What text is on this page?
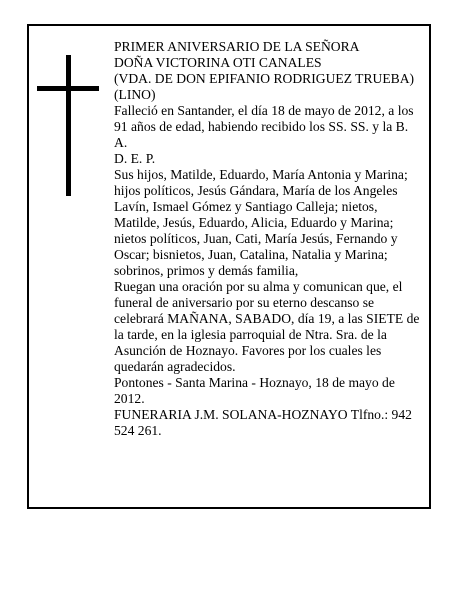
PRIMER ANIVERSARIO DE LA SEÑORA
DOÑA VICTORINA OTI CANALES
(VDA. DE DON EPIFANIO RODRIGUEZ TRUEBA)
(LINO)
Falleció en Santander, el día 18 de mayo de 2012, a los
91 años de edad, habiendo recibido los SS. SS. y la B.
A.
D. E. P.
Sus hijos, Matilde, Eduardo, María Antonia y Marina;
hijos políticos, Jesús Gándara, María de los Angeles
Lavín, Ismael Gómez y Santiago Calleja; nietos,
Matilde, Jesús, Eduardo, Alicia, Eduardo y Marina;
nietos políticos, Juan, Cati, María Jesús, Fernando y
Oscar; bisnietos, Juan, Catalina, Natalia y Marina;
sobrinos, primos y demás familia,
Ruegan una oración por su alma y comunican que, el
funeral de aniversario por su eterno descanso se
celebrará MAÑANA, SABADO, día 19, a las SIETE de
la tarde, en la iglesia parroquial de Ntra. Sra. de la
Asunción de Hoznayo. Favores por los cuales les
quedarán agradecidos.
Pontones - Santa Marina - Hoznayo, 18 de mayo de
2012.
FUNERARIA J.M. SOLANA-HOZNAYO Tlfno.: 942
524 261.
